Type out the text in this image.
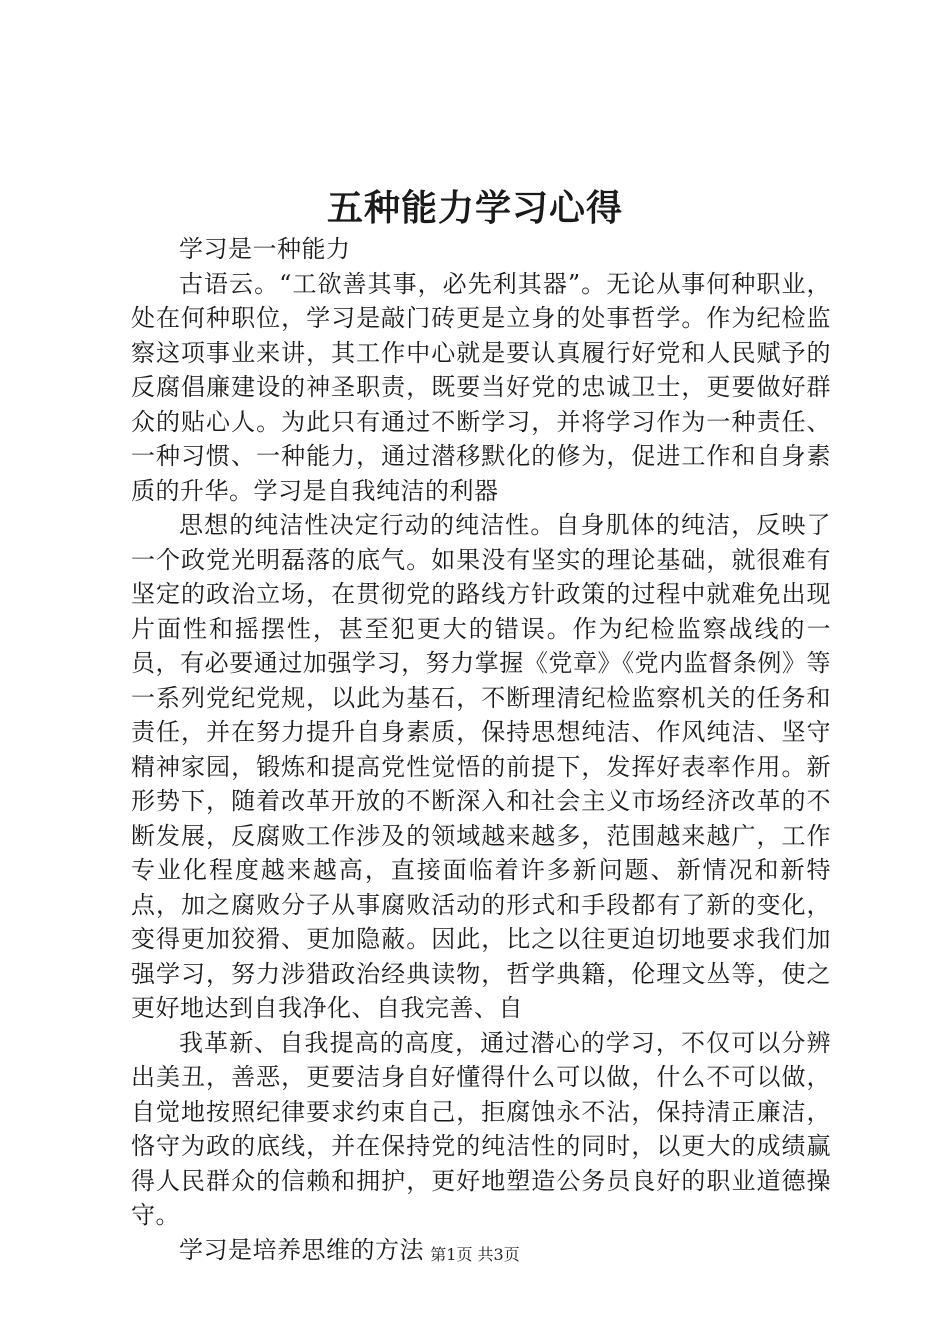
五种能力学习心得

学习是一种能力

古语云。“工欲善其事，必先利其器”。无论从事何种职业，处在何种职位，学习是敲门砖更是立身的处事哲学。作为纪检监察这项事业来讲，其工作中心就是要认真履行好党和人民赋予的反腐倡廉建设的神圣职责，既要当好党的忠诚卫士，更要做好群众的贴心人。为此只有通过不断学习，并将学习作为一种责任、一种习惯、一种能力，通过潜移默化的修为，促进工作和自身素质的升华。学习是自我纯洁的利器

思想的纯洁性决定行动的纯洁性。自身肌体的纯洁，反映了一个政党光明磊落的底气。如果没有坚实的理论基础，就很难有坚定的政治立场，在贯彻党的路线方针政策的过程中就难免出现片面性和摇摆性，甚至犯更大的错误。作为纪检监察战线的一员，有必要通过加强学习，努力掌握《党章》《党内监督条例》等一系列党纪党规，以此为基石，不断理清纪检监察机关的任务和责任，并在努力提升自身素质，保持思想纯洁、作风纯洁、坚守精神家园，锻炼和提高党性觉悟的前提下，发挥好表率作用。新形势下，随着改革开放的不断深入和社会主义市场经济改革的不断发展，反腐败工作涉及的领域越来越多，范围越来越广，工作专业化程度越来越高，直接面临着许多新问题、新情况和新特点，加之腐败分子从事腐败活动的形式和手段都有了新的变化，变得更加狡猾、更加隐蔽。因此，比之以往更迫切地要求我们加强学习，努力涉猎政治经典读物，哲学典籍，伦理文丛等，使之更好地达到自我净化、自我完善、自

我革新、自我提高的高度，通过潜心的学习，不仅可以分辨出美丑，善恶，更要洁身自好懂得什么可以做，什么不可以做，自觉地按照纪律要求约束自己，拒腐蚀永不沾，保持清正廉洁，恪守为政的底线，并在保持党的纯洁性的同时，以更大的成绩赢得人民群众的信赖和拥护，更好地塑造公务员良好的职业道德操守。

学习是培养思维的方法 第1页 共3页
